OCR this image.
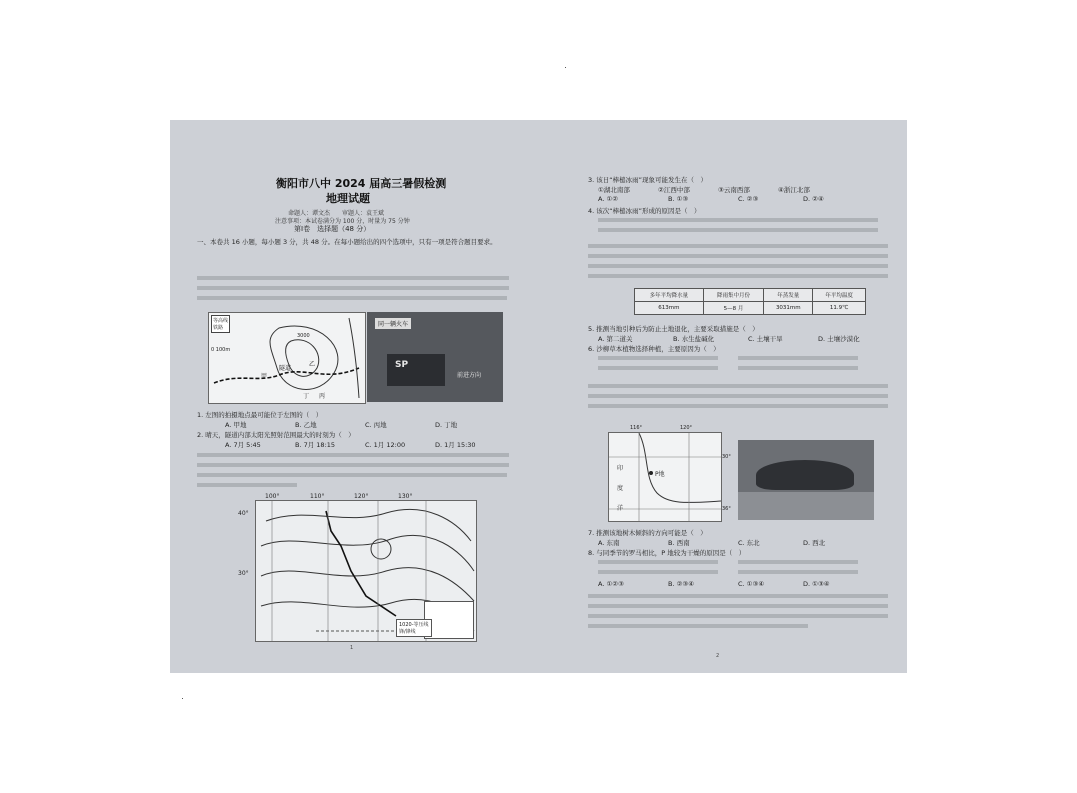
衡阳市八中 2024 届高三暑假检测
地理试题
命题人：谭文杰　　审题人：袁王斌
注意事项：本试卷满分为 100 分，时量为 75 分钟
第Ⅰ卷　选择题（48 分）
一、本卷共 16 小题，每小题 3 分，共 48 分。在每小题给出的四个选项中，只有一项是符合题目要求。
等高线
铁路
0 100m
3000
甲
乙
丙
丁
隧道
同一辆火车
SP
前进方向
1. 左图的拍摄地点最可能位于左图的（　）
A. 甲地	B. 乙地	C. 丙地	D. 丁地
2. 晴天，隧道内部太阳光照射范围最大的时刻为（　）
A. 7月 5:45	B. 7月 18:15	C. 1月 12:00	D. 1月 15:30
1020-等压线
锋/锋线
100°	110°	120°	130°
40°
30°
1
3. 该日“棒槌冰雨”现象可能发生在（　）
①湖北南部	②江西中部	③云南西部	④浙江北部
A. ①②	B. ①③	C. ②③	D. ②④
4. 该次“棒槌冰雨”形成的原因是（　）
多年平均降水量	降雨集中月份	年蒸发量	年平均温度
613mm	5—8 月	3031mm	11.9℃
5. 推测当地引种后为防止土地退化，主要采取措施是（　）
A. 第二道关	B. 水生盐碱化	C. 土壤干旱	D. 土壤沙漠化
6. 沙柳草本植物选择种植，主要原因为（　）
P地
印
度
洋
116°	120°
30°
36°
7. 推测该地树木倾斜的方向可能是（　）
A. 东南	B. 西南	C. 东北	D. 西北
8. 与同季节的罗马相比，P 地较为干燥的原因是（　）
A. ①②③	B. ②③④	C. ①③④	D. ①③④
2
